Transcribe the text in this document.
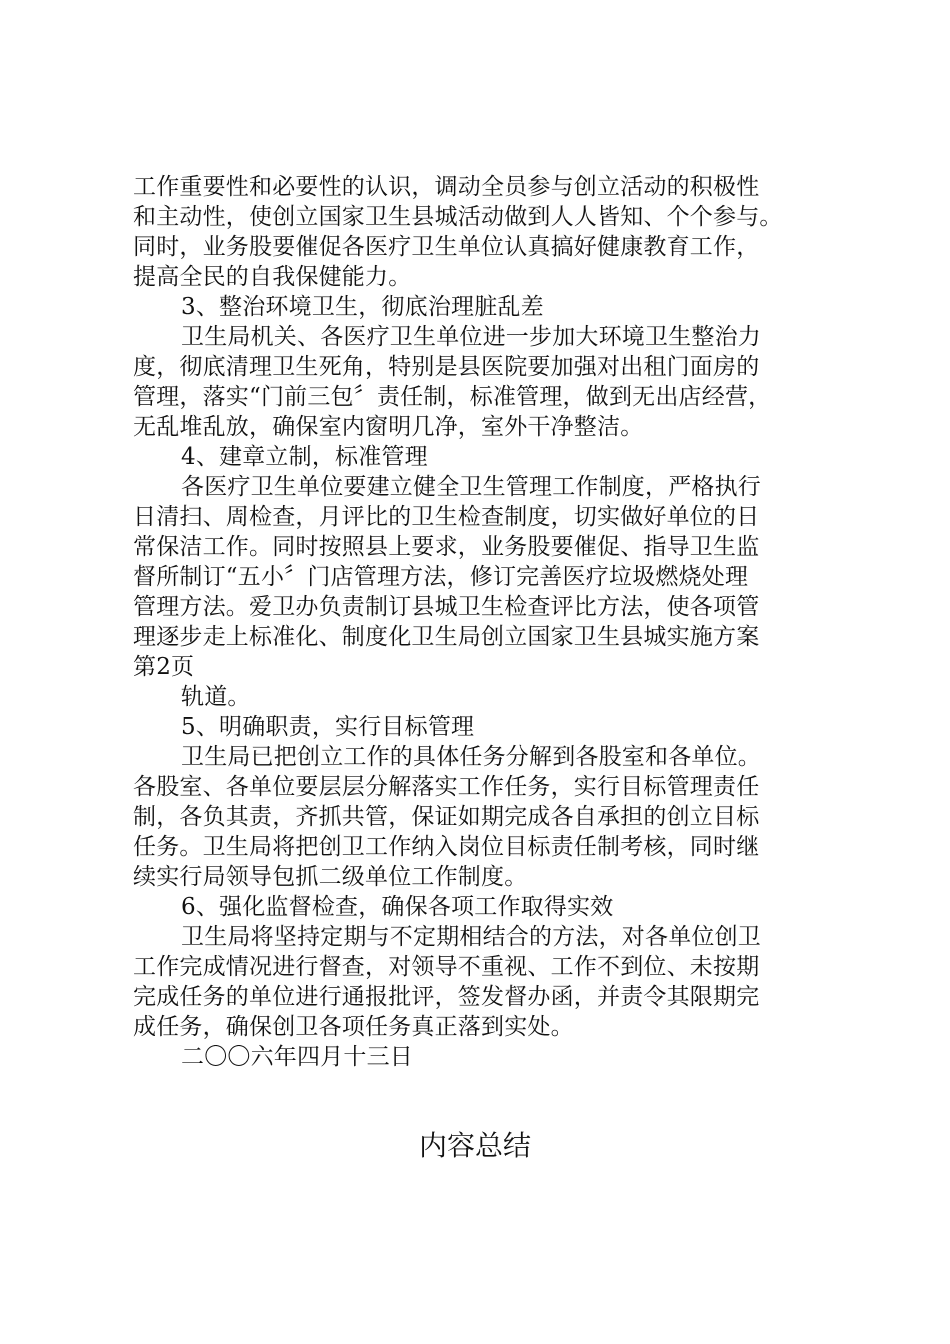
工作重要性和必要性的认识，调动全员参与创立活动的积极性
和主动性，使创立国家卫生县城活动做到人人皆知、个个参与。
同时，业务股要催促各医疗卫生单位认真搞好健康教育工作，
提高全民的自我保健能力。
3、整治环境卫生，彻底治理脏乱差
卫生局机关、各医疗卫生单位进一步加大环境卫生整治力
度，彻底清理卫生死角，特别是县医院要加强对出租门面房的
管理，落实“门前三包〞责任制，标准管理，做到无出店经营，
无乱堆乱放，确保室内窗明几净，室外干净整洁。
4、建章立制，标准管理
各医疗卫生单位要建立健全卫生管理工作制度，严格执行
日清扫、周检查，月评比的卫生检查制度，切实做好单位的日
常保洁工作。同时按照县上要求，业务股要催促、指导卫生监
督所制订“五小〞门店管理方法，修订完善医疗垃圾燃烧处理
管理方法。爱卫办负责制订县城卫生检查评比方法，使各项管
理逐步走上标准化、制度化卫生局创立国家卫生县城实施方案
第2页
轨道。
5、明确职责，实行目标管理
卫生局已把创立工作的具体任务分解到各股室和各单位。
各股室、各单位要层层分解落实工作任务，实行目标管理责任
制，各负其责，齐抓共管，保证如期完成各自承担的创立目标
任务。卫生局将把创卫工作纳入岗位目标责任制考核，同时继
续实行局领导包抓二级单位工作制度。
6、强化监督检查，确保各项工作取得实效
卫生局将坚持定期与不定期相结合的方法，对各单位创卫
工作完成情况进行督查，对领导不重视、工作不到位、未按期
完成任务的单位进行通报批评，签发督办函，并责令其限期完
成任务，确保创卫各项任务真正落到实处。
二〇〇六年四月十三日
内容总结
